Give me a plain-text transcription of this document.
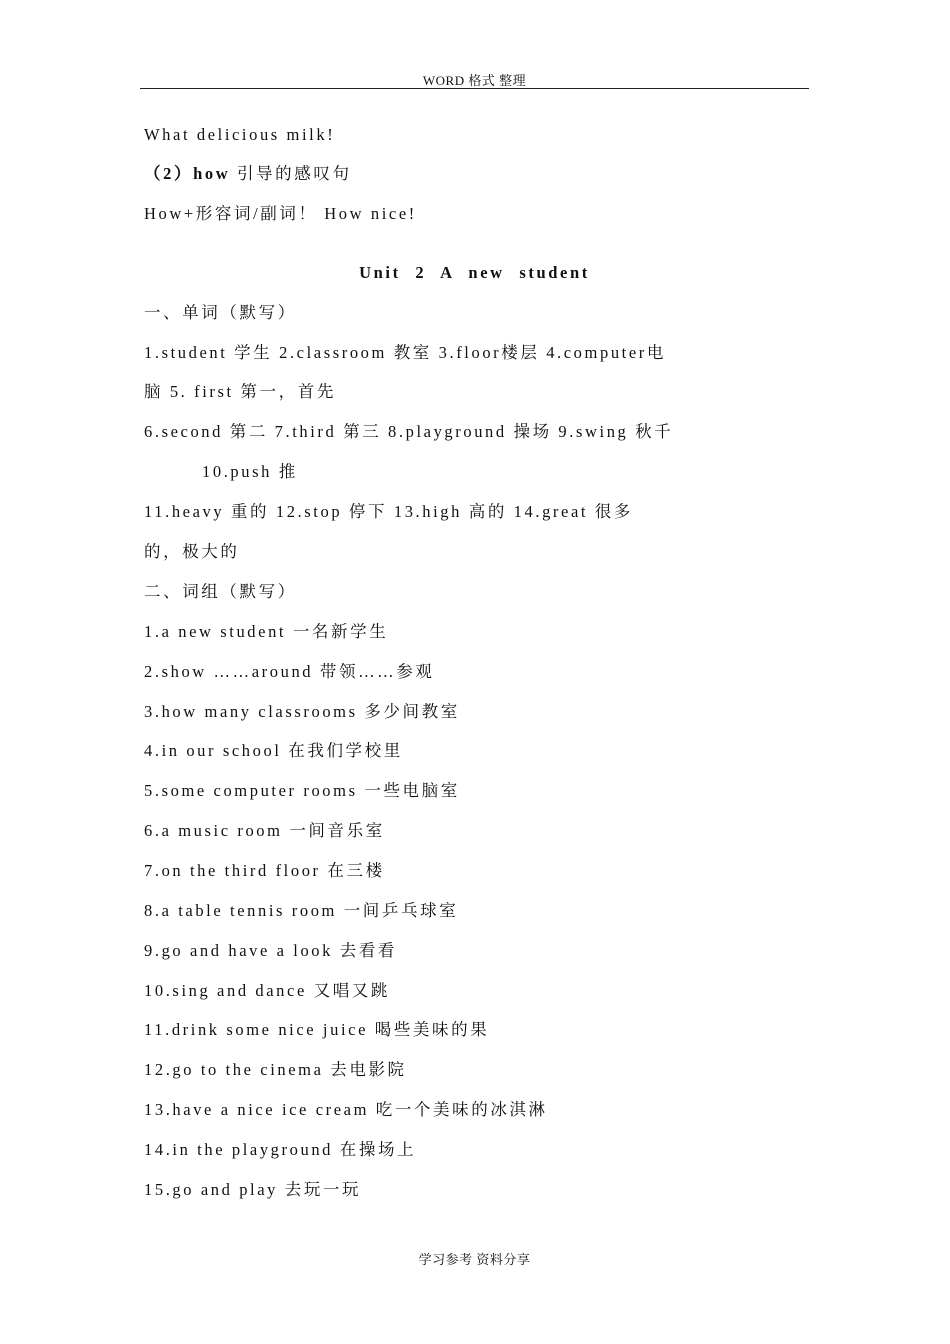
WORD 格式 整理
What delicious milk!
（2）how 引导的感叹句
How+形容词/副词！ How nice!
Unit 2 A new student
一、单词（默写）
1.student 学生 2.classroom 教室 3.floor楼层 4.computer电
脑 5. first 第一，首先
6.second 第二 7.third 第三 8.playground 操场 9.swing 秋千
10.push 推
11.heavy 重的 12.stop 停下 13.high 高的 14.great 很多
的，极大的
二、词组（默写）
1.a new student 一名新学生
2.show ……around 带领……参观
3.how many classrooms 多少间教室
4.in our school 在我们学校里
5.some computer rooms 一些电脑室
6.a music room 一间音乐室
7.on the third floor 在三楼
8.a table tennis room 一间乒乓球室
9.go and have a look 去看看
10.sing and dance 又唱又跳
11.drink some nice juice 喝些美味的果
12.go to the cinema 去电影院
13.have a nice ice cream 吃一个美味的冰淇淋
14.in the playground 在操场上
15.go and play 去玩一玩
学习参考 资料分享
